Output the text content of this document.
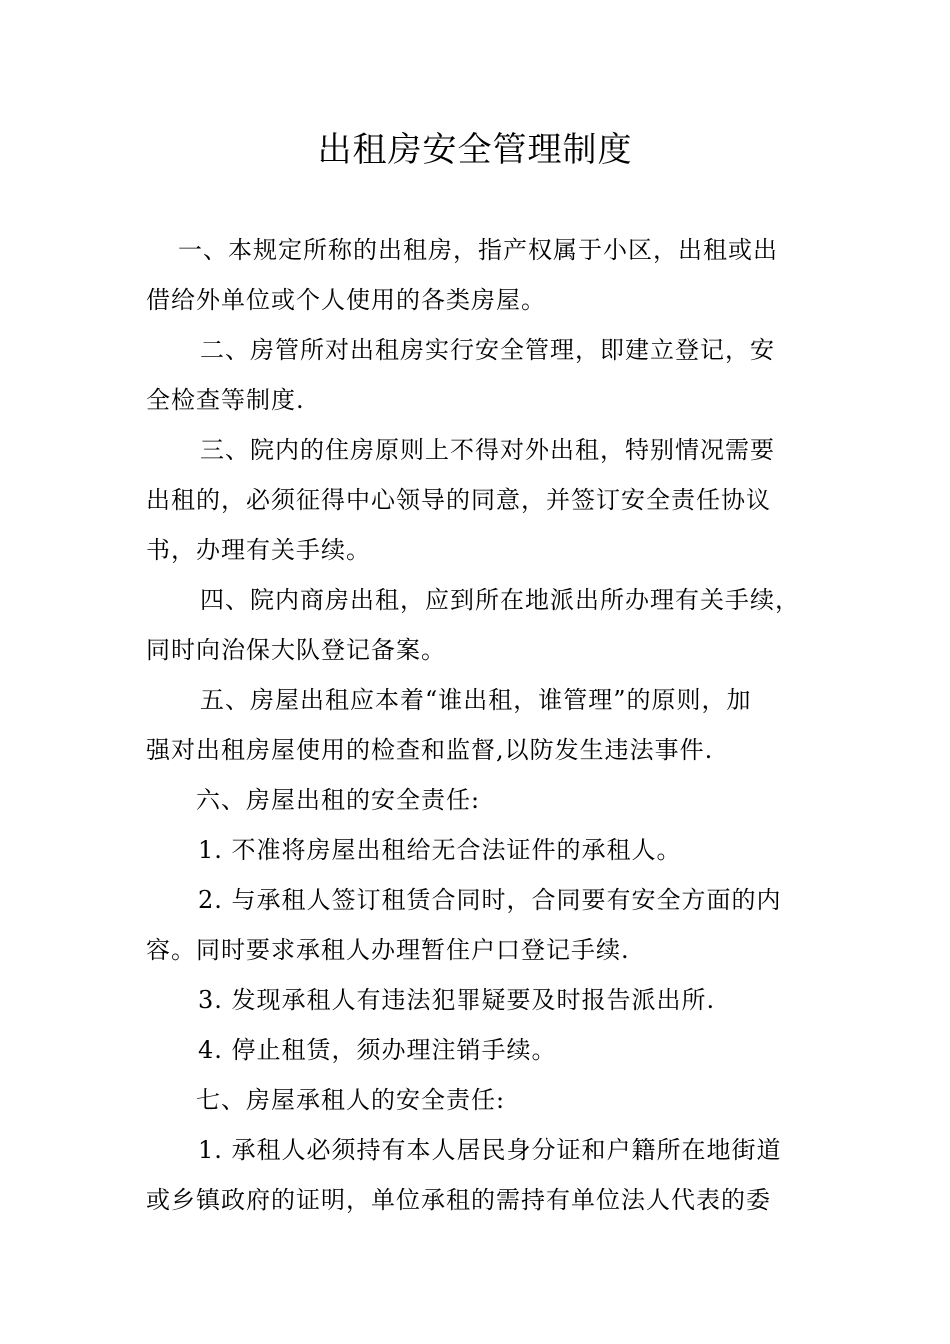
出租房安全管理制度
一、本规定所称的出租房，指产权属于小区，出租或出
借给外单位或个人使用的各类房屋。
二、房管所对出租房实行安全管理，即建立登记，安
全检查等制度.
三、院内的住房原则上不得对外出租，特别情况需要
出租的，必须征得中心领导的同意，并签订安全责任协议
书，办理有关手续。
四、院内商房出租，应到所在地派出所办理有关手续，
同时向治保大队登记备案。
五、房屋出租应本着“谁出租，谁管理”的原则，加
强对出租房屋使用的检查和监督,以防发生违法事件.
六、房屋出租的安全责任:
1. 不准将房屋出租给无合法证件的承租人。
2. 与承租人签订租赁合同时，合同要有安全方面的内
容。同时要求承租人办理暂住户口登记手续.
3. 发现承租人有违法犯罪疑要及时报告派出所.
4. 停止租赁，须办理注销手续。
七、房屋承租人的安全责任:
1. 承租人必须持有本人居民身分证和户籍所在地街道
或乡镇政府的证明，单位承租的需持有单位法人代表的委
